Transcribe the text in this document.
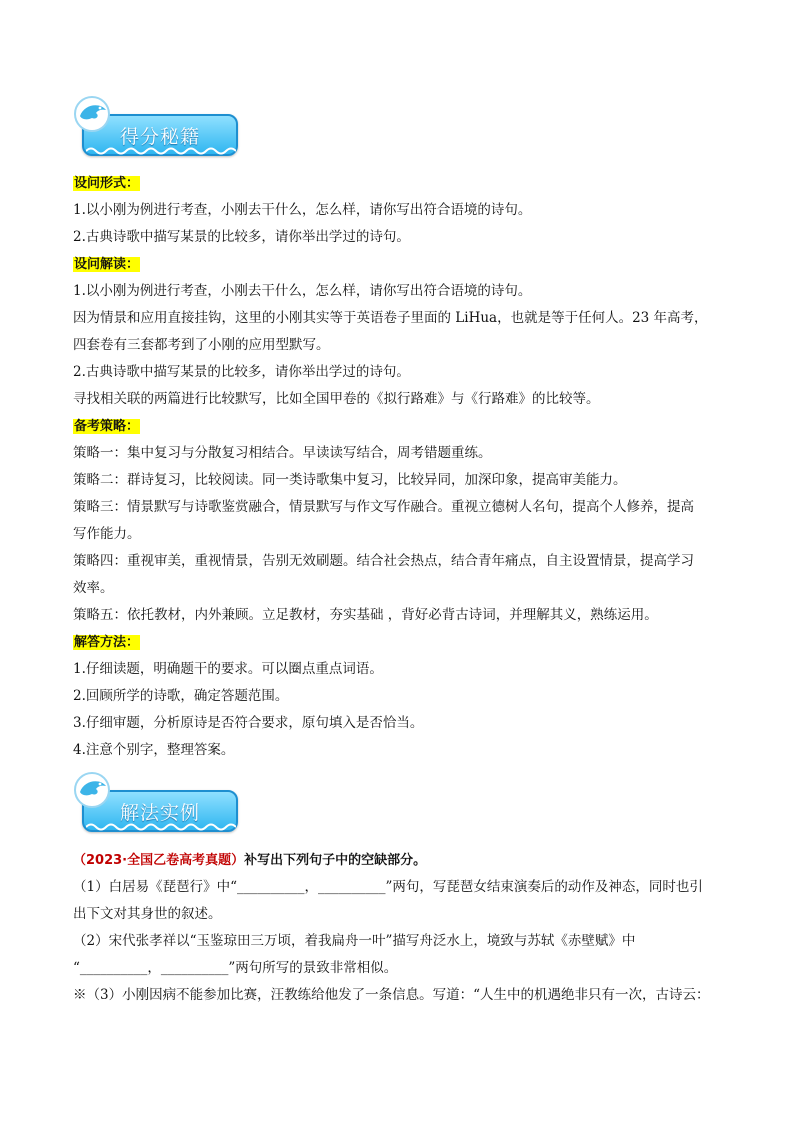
得分秘籍
设问形式：
1.以小刚为例进行考查，小刚去干什么，怎么样，请你写出符合语境的诗句。
2.古典诗歌中描写某景的比较多，请你举出学过的诗句。
设问解读：
1.以小刚为例进行考查，小刚去干什么，怎么样，请你写出符合语境的诗句。
因为情景和应用直接挂钩，这里的小刚其实等于英语卷子里面的 LiHua，也就是等于任何人。23 年高考，
四套卷有三套都考到了小刚的应用型默写。
2.古典诗歌中描写某景的比较多，请你举出学过的诗句。
寻找相关联的两篇进行比较默写，比如全国甲卷的《拟行路难》与《行路难》的比较等。
备考策略：
策略一：集中复习与分散复习相结合。早读读写结合，周考错题重练。
策略二：群诗复习，比较阅读。同一类诗歌集中复习，比较异同，加深印象，提高审美能力。
策略三：情景默写与诗歌鉴赏融合，情景默写与作文写作融合。重视立德树人名句，提高个人修养，提高
写作能力。
策略四：重视审美，重视情景，告别无效刷题。结合社会热点，结合青年痛点，自主设置情景，提高学习
效率。
策略五：依托教材，内外兼顾。立足教材，夯实基础 ，背好必背古诗词，并理解其义，熟练运用。
解答方法：
1.仔细读题，明确题干的要求。可以圈点重点词语。
2.回顾所学的诗歌，确定答题范围。
3.仔细审题，分析原诗是否符合要求，原句填入是否恰当。
4.注意个别字，整理答案。
解法实例
（2023·全国乙卷高考真题）补写出下列句子中的空缺部分。
（1）白居易《琵琶行》中“__________，__________”两句，写琵琶女结束演奏后的动作及神态，同时也引
出下文对其身世的叙述。
（2）宋代张孝祥以“玉鉴琼田三万顷，着我扁舟一叶”描写舟泛水上，境致与苏轼《赤壁赋》中
“__________，__________”两句所写的景致非常相似。
※（3）小刚因病不能参加比赛，汪教练给他发了一条信息。写道：“人生中的机遇绝非只有一次，古诗云：
